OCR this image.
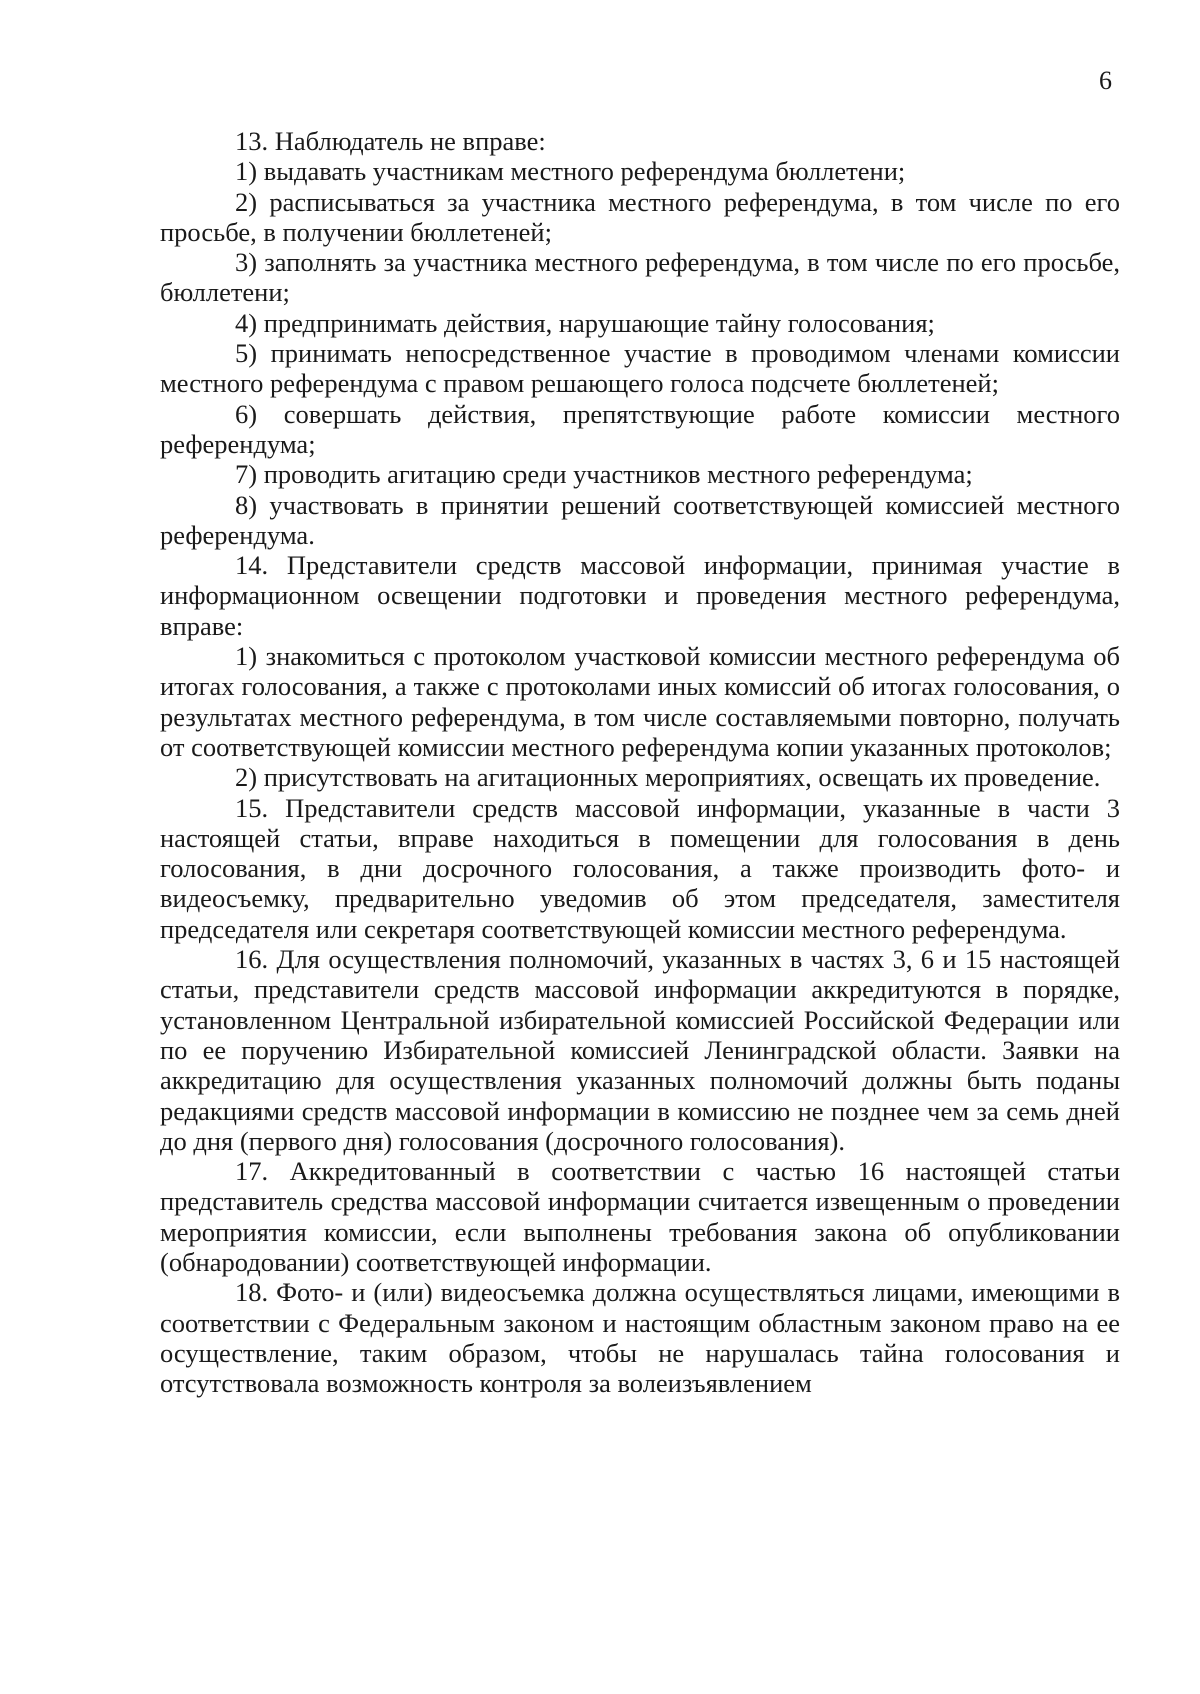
6

13. Наблюдатель не вправе:

1) выдавать участникам местного референдума бюллетени;

2) расписываться за участника местного референдума, в том числе по его просьбе, в получении бюллетеней;

3) заполнять за участника местного референдума, в том числе по его просьбе, бюллетени;

4) предпринимать действия, нарушающие тайну голосования;

5) принимать непосредственное участие в проводимом членами комиссии местного референдума с правом решающего голоса подсчете бюллетеней;

6) совершать действия, препятствующие работе комиссии местного референдума;

7) проводить агитацию среди участников местного референдума;

8) участвовать в принятии решений соответствующей комиссией местного референдума.

14. Представители средств массовой информации, принимая участие в информационном освещении подготовки и проведения местного референдума, вправе:

1) знакомиться с протоколом участковой комиссии местного референдума об итогах голосования, а также с протоколами иных комиссий об итогах голосования, о результатах местного референдума, в том числе составляемыми повторно, получать от соответствующей комиссии местного референдума копии указанных протоколов;

2) присутствовать на агитационных мероприятиях, освещать их проведение.

15. Представители средств массовой информации, указанные в части 3 настоящей статьи, вправе находиться в помещении для голосования в день голосования, в дни досрочного голосования, а также производить фото- и видеосъемку, предварительно уведомив об этом председателя, заместителя председателя или секретаря соответствующей комиссии местного референдума.

16. Для осуществления полномочий, указанных в частях 3, 6 и 15 настоящей статьи, представители средств массовой информации аккредитуются в порядке, установленном Центральной избирательной комиссией Российской Федерации или по ее поручению Избирательной комиссией Ленинградской области. Заявки на аккредитацию для осуществления указанных полномочий должны быть поданы редакциями средств массовой информации в комиссию не позднее чем за семь дней до дня (первого дня) голосования (досрочного голосования).

17. Аккредитованный в соответствии с частью 16 настоящей статьи представитель средства массовой информации считается извещенным о проведении мероприятия комиссии, если выполнены требования закона об опубликовании (обнародовании) соответствующей информации.

18. Фото- и (или) видеосъемка должна осуществляться лицами, имеющими в соответствии с Федеральным законом и настоящим областным законом право на ее осуществление, таким образом, чтобы не нарушалась тайна голосования и отсутствовала возможность контроля за волеизъявлением
